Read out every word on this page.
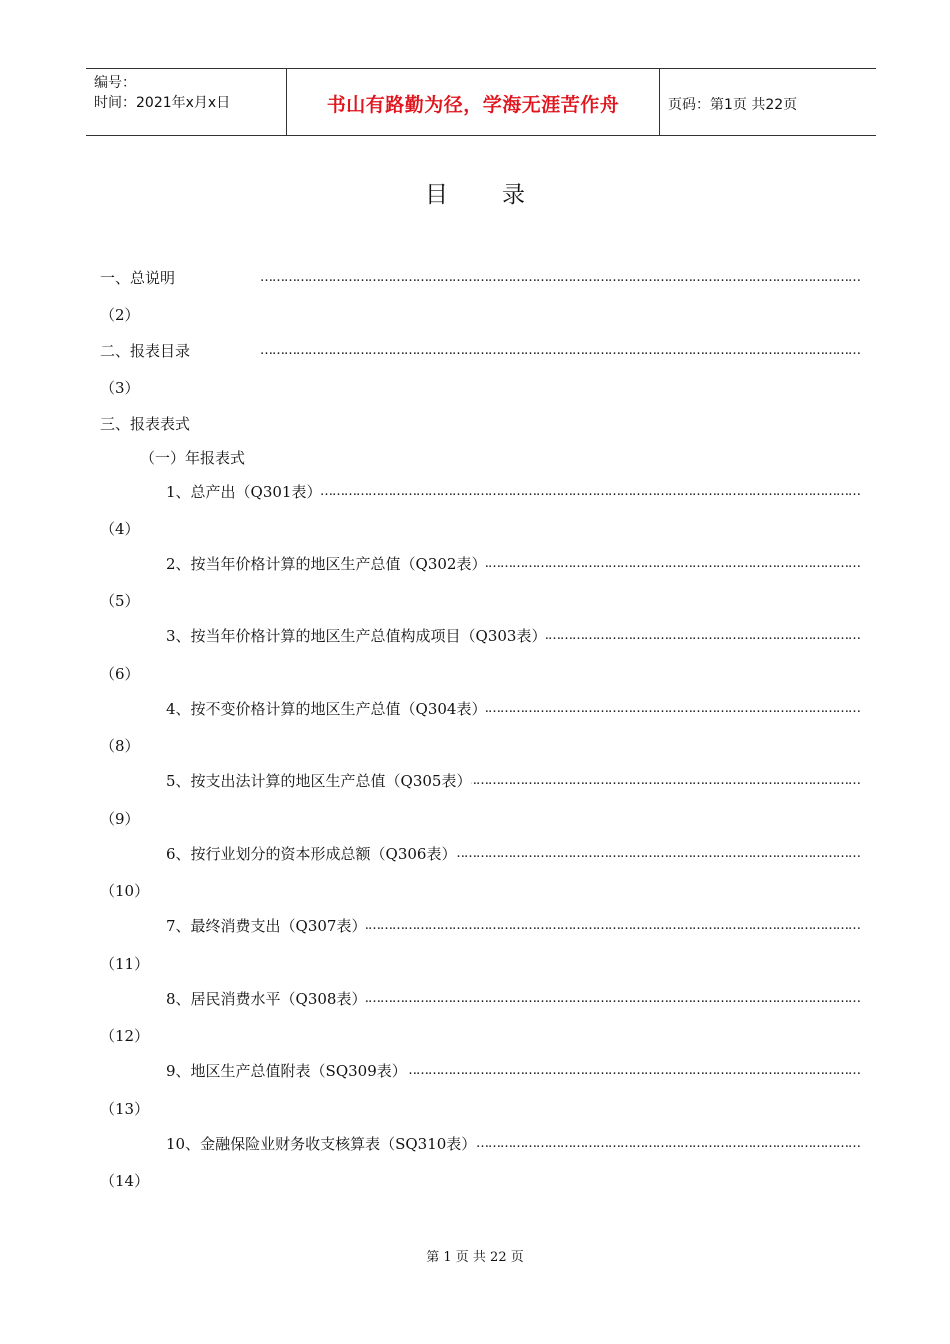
编号：
时间：2021年x月x日	书山有路勤为径，学海无涯苦作舟	页码：第1页 共22页
目录
一、总说明
……………………………………………………………………………………………………………………………………
（2）
二、报表目录
……………………………………………………………………………………………………………………………………
（3）
三、报表表式
（一）年报表式
1、总产出（Q301表）
……………………………………………………………………………………………………………………………………
（4）
2、按当年价格计算的地区生产总值（Q302表）
……………………………………………………………………………………………………………………………………
（5）
3、按当年价格计算的地区生产总值构成项目（Q303表）
……………………………………………………………………………………………………………………………………
（6）
4、按不变价格计算的地区生产总值（Q304表）
……………………………………………………………………………………………………………………………………
（8）
5、按支出法计算的地区生产总值（Q305表）
……………………………………………………………………………………………………………………………………
（9）
6、按行业划分的资本形成总额（Q306表）
……………………………………………………………………………………………………………………………………
（10）
7、最终消费支出（Q307表）
……………………………………………………………………………………………………………………………………
（11）
8、居民消费水平（Q308表）
……………………………………………………………………………………………………………………………………
（12）
9、地区生产总值附表（SQ309表）
……………………………………………………………………………………………………………………………………
（13）
10、金融保险业财务收支核算表（SQ310表）
……………………………………………………………………………………………………………………………………
（14）
第 1 页 共 22 页
